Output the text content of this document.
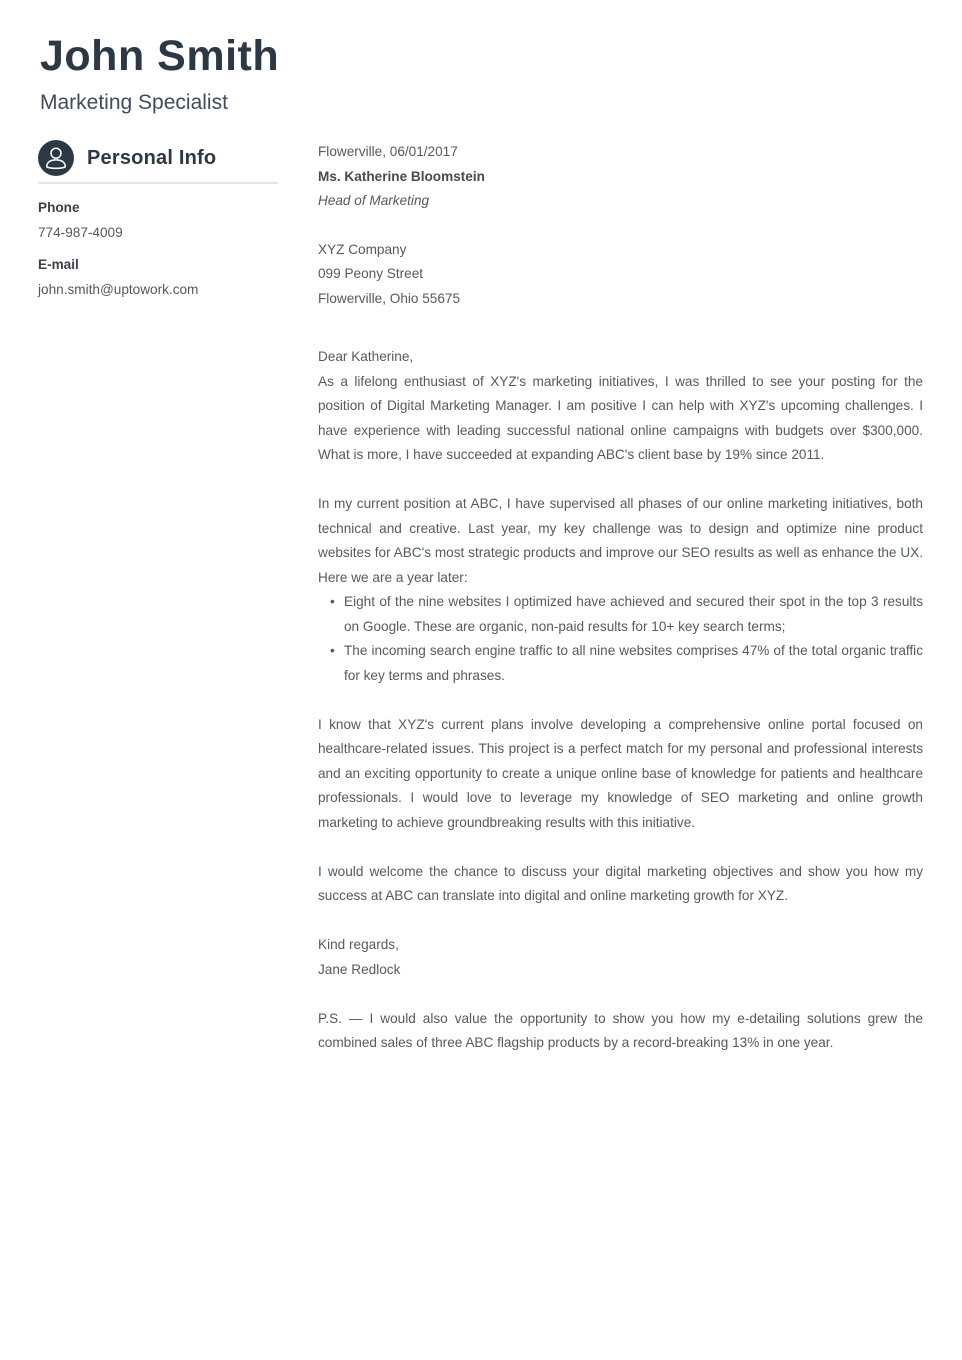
John Smith
Marketing Specialist
Personal Info
Phone
774-987-4009
E-mail
john.smith@uptowork.com

Flowerville, 06/01/2017

Ms. Katherine Bloomstein

Head of Marketing

XYZ Company

099 Peony Street

Flowerville, Ohio 55675

Dear Katherine,

As a lifelong enthusiast of XYZ's marketing initiatives, I was thrilled to see your posting for the position of Digital Marketing Manager. I am positive I can help with XYZ's upcoming challenges. I have experience with leading successful national online campaigns with budgets over $300,000. What is more, I have succeeded at expanding ABC's client base by 19% since 2011.

In my current position at ABC, I have supervised all phases of our online marketing initiatives, both technical and creative. Last year, my key challenge was to design and optimize nine product websites for ABC's most strategic products and improve our SEO results as well as enhance the UX. Here we are a year later:

• Eight of the nine websites I optimized have achieved and secured their spot in the top 3 results on Google. These are organic, non-paid results for 10+ key search terms;
• The incoming search engine traffic to all nine websites comprises 47% of the total organic traffic for key terms and phrases.

I know that XYZ's current plans involve developing a comprehensive online portal focused on healthcare-related issues. This project is a perfect match for my personal and professional interests and an exciting opportunity to create a unique online base of knowledge for patients and healthcare professionals. I would love to leverage my knowledge of SEO marketing and online growth marketing to achieve groundbreaking results with this initiative.

I would welcome the chance to discuss your digital marketing objectives and show you how my success at ABC can translate into digital and online marketing growth for XYZ.

Kind regards,

Jane Redlock

P.S. — I would also value the opportunity to show you how my e-detailing solutions grew the combined sales of three ABC flagship products by a record-breaking 13% in one year.
